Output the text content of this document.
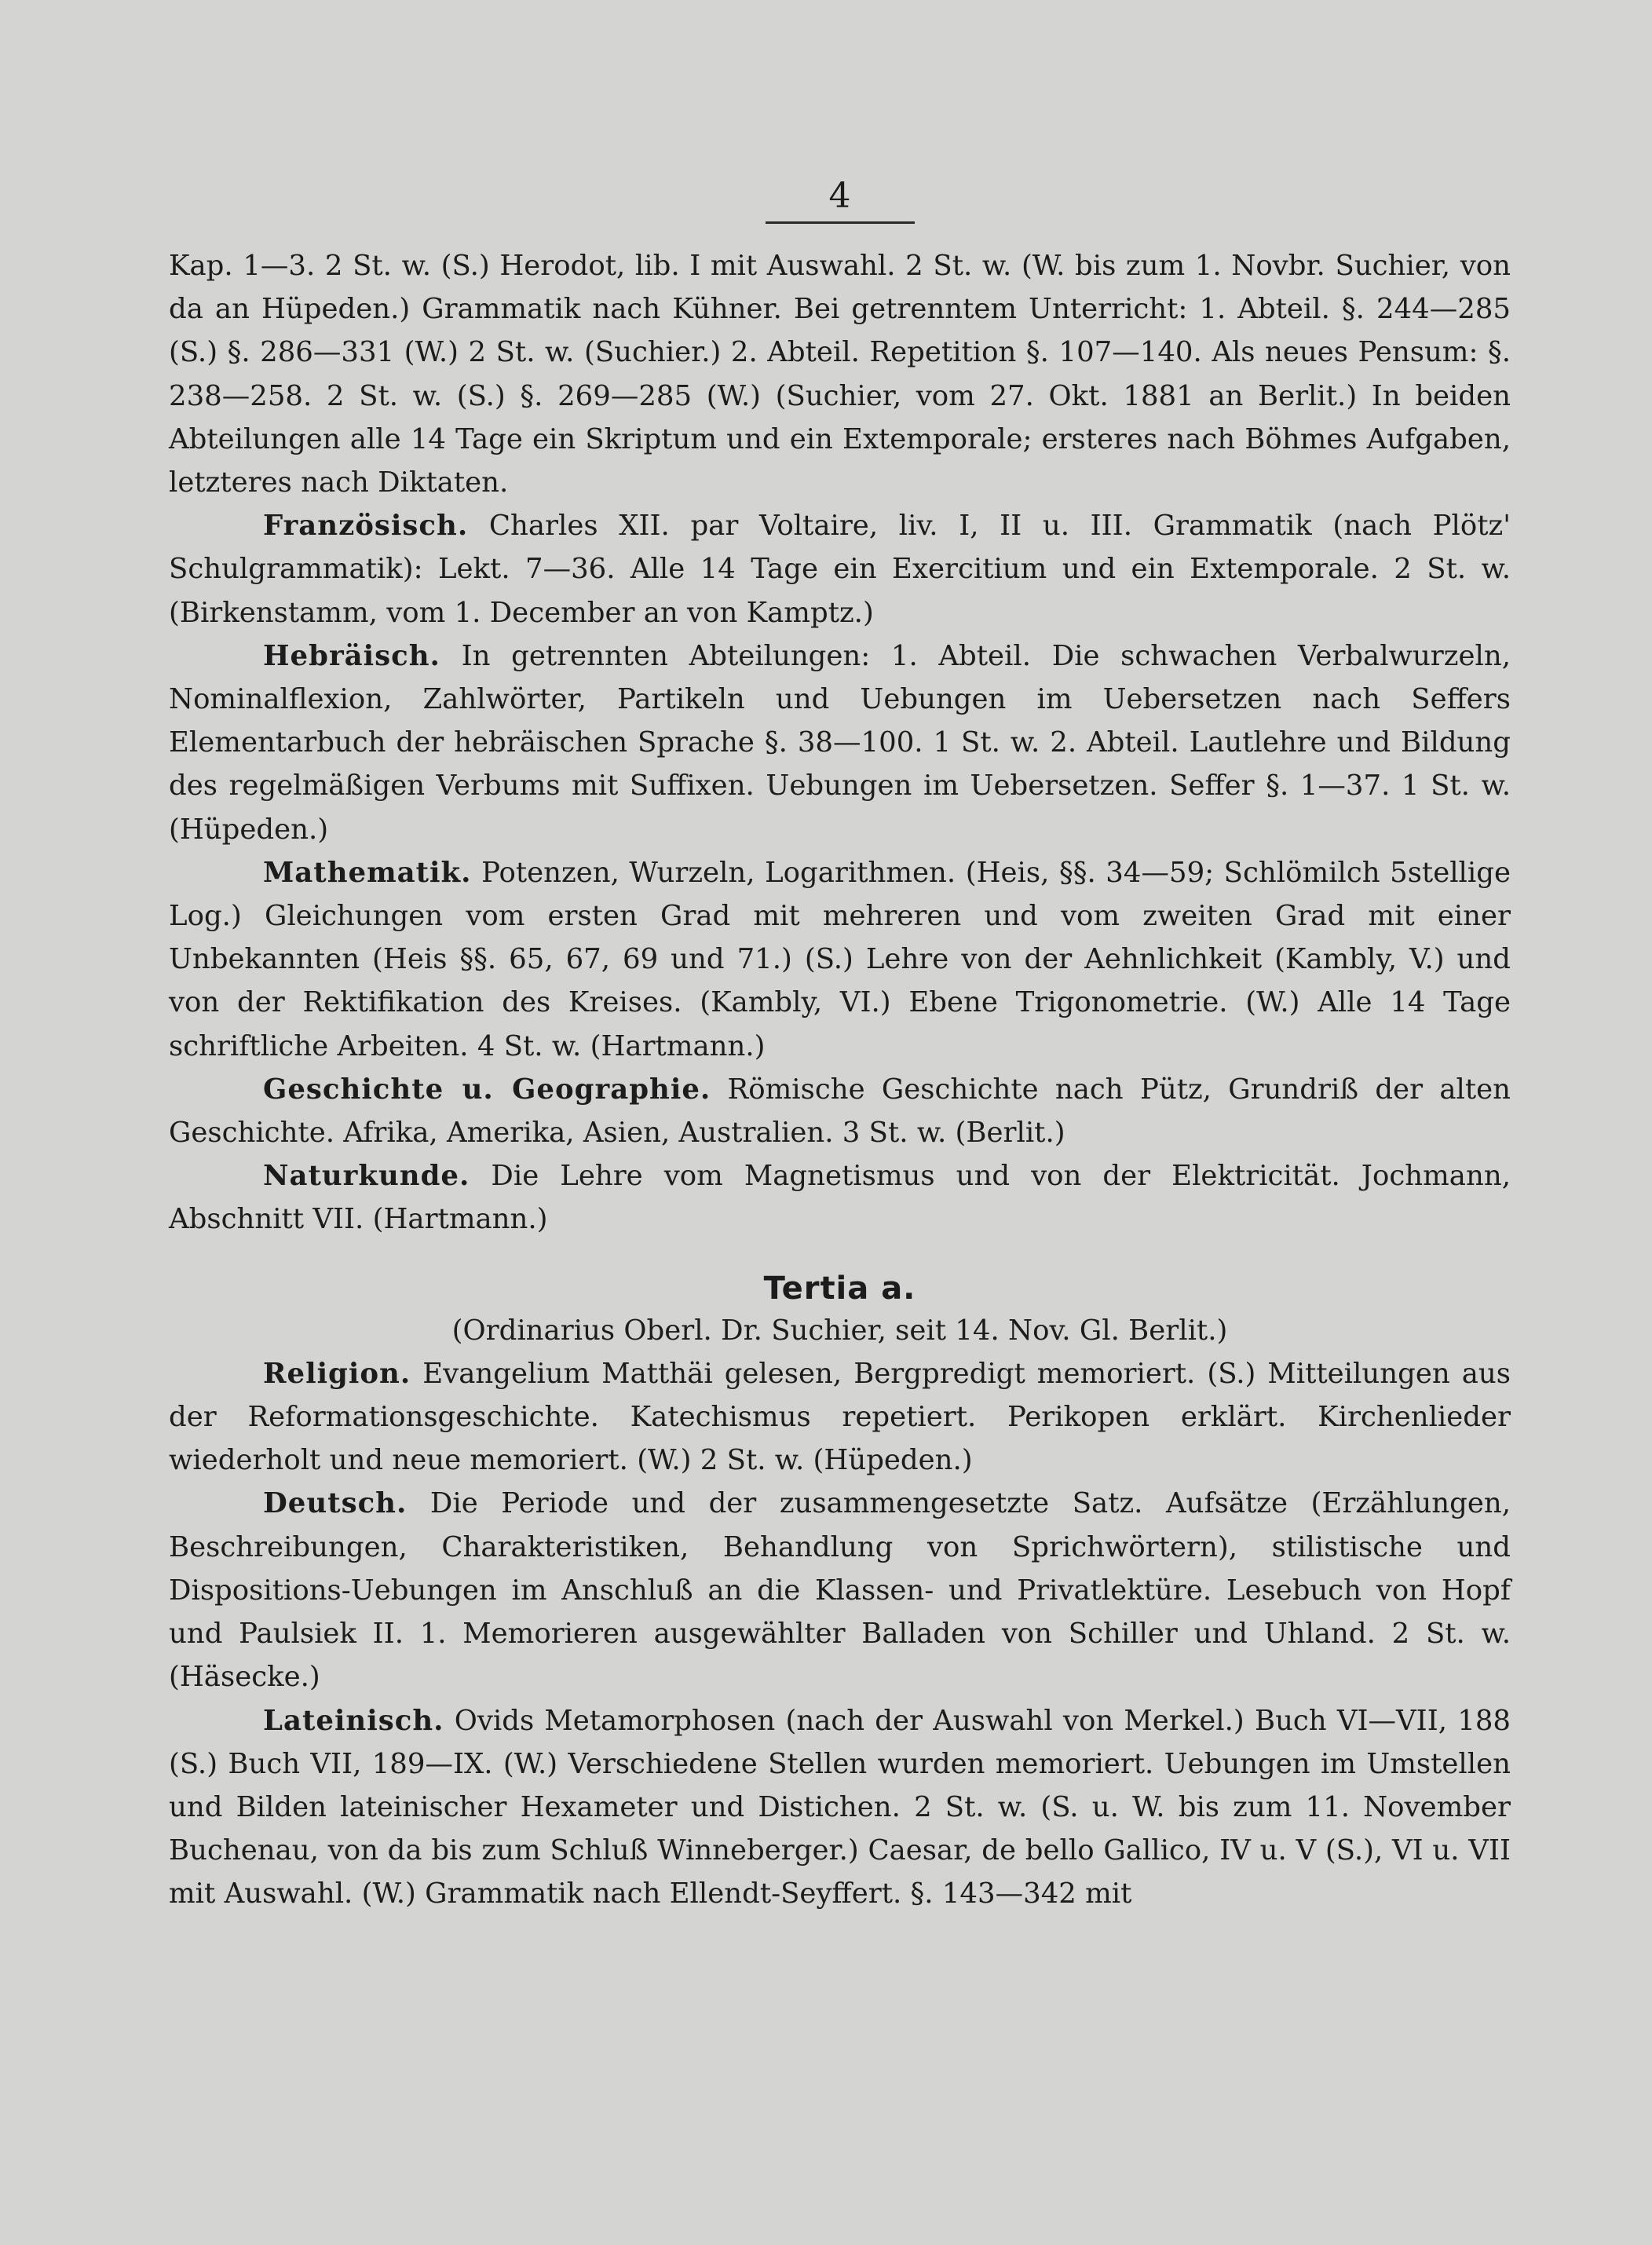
4

Kap. 1—3. 2 St. w. (S.) Herodot, lib. I mit Auswahl. 2 St. w. (W. bis zum 1. Novbr. Suchier, von da an Hüpeden.) Grammatik nach Kühner. Bei getrenntem Unterricht: 1. Abteil. §. 244—285 (S.) §. 286—331 (W.) 2 St. w. (Suchier.) 2. Abteil. Repetition §. 107—140. Als neues Pensum: §. 238—258. 2 St. w. (S.) §. 269—285 (W.) (Suchier, vom 27. Okt. 1881 an Berlit.) In beiden Abteilungen alle 14 Tage ein Skriptum und ein Extemporale; ersteres nach Böhmes Aufgaben, letzteres nach Diktaten.

Französisch. Charles XII. par Voltaire, liv. I, II u. III. Grammatik (nach Plötz' Schulgrammatik): Lekt. 7—36. Alle 14 Tage ein Exercitium und ein Extemporale. 2 St. w. (Birkenstamm, vom 1. December an von Kamptz.)

Hebräisch. In getrennten Abteilungen: 1. Abteil. Die schwachen Verbalwurzeln, Nominalflexion, Zahlwörter, Partikeln und Uebungen im Uebersetzen nach Seffers Elementarbuch der hebräischen Sprache §. 38—100. 1 St. w. 2. Abteil. Lautlehre und Bildung des regelmäßigen Verbums mit Suffixen. Uebungen im Uebersetzen. Seffer §. 1—37. 1 St. w. (Hüpeden.)

Mathematik. Potenzen, Wurzeln, Logarithmen. (Heis, §§. 34—59; Schlömilch 5stellige Log.) Gleichungen vom ersten Grad mit mehreren und vom zweiten Grad mit einer Unbekannten (Heis §§. 65, 67, 69 und 71.) (S.) Lehre von der Aehnlichkeit (Kambly, V.) und von der Rektifikation des Kreises. (Kambly, VI.) Ebene Trigonometrie. (W.) Alle 14 Tage schriftliche Arbeiten. 4 St. w. (Hartmann.)

Geschichte u. Geographie. Römische Geschichte nach Pütz, Grundriß der alten Geschichte. Afrika, Amerika, Asien, Australien. 3 St. w. (Berlit.)

Naturkunde. Die Lehre vom Magnetismus und von der Elektricität. Jochmann, Abschnitt VII. (Hartmann.)

Tertia a.
(Ordinarius Oberl. Dr. Suchier, seit 14. Nov. Gl. Berlit.)

Religion. Evangelium Matthäi gelesen, Bergpredigt memoriert. (S.) Mitteilungen aus der Reformationsgeschichte. Katechismus repetiert. Perikopen erklärt. Kirchenlieder wiederholt und neue memoriert. (W.) 2 St. w. (Hüpeden.)

Deutsch. Die Periode und der zusammengesetzte Satz. Aufsätze (Erzählungen, Beschreibungen, Charakteristiken, Behandlung von Sprichwörtern), stilistische und Dispositions-Uebungen im Anschluß an die Klassen- und Privatlektüre. Lesebuch von Hopf und Paulsiek II. 1. Memorieren ausgewählter Balladen von Schiller und Uhland. 2 St. w. (Häsecke.)

Lateinisch. Ovids Metamorphosen (nach der Auswahl von Merkel.) Buch VI—VII, 188 (S.) Buch VII, 189—IX. (W.) Verschiedene Stellen wurden memoriert. Uebungen im Umstellen und Bilden lateinischer Hexameter und Distichen. 2 St. w. (S. u. W. bis zum 11. November Buchenau, von da bis zum Schluß Winneberger.) Caesar, de bello Gallico, IV u. V (S.), VI u. VII mit Auswahl. (W.) Grammatik nach Ellendt-Seyffert. §. 143—342 mit
